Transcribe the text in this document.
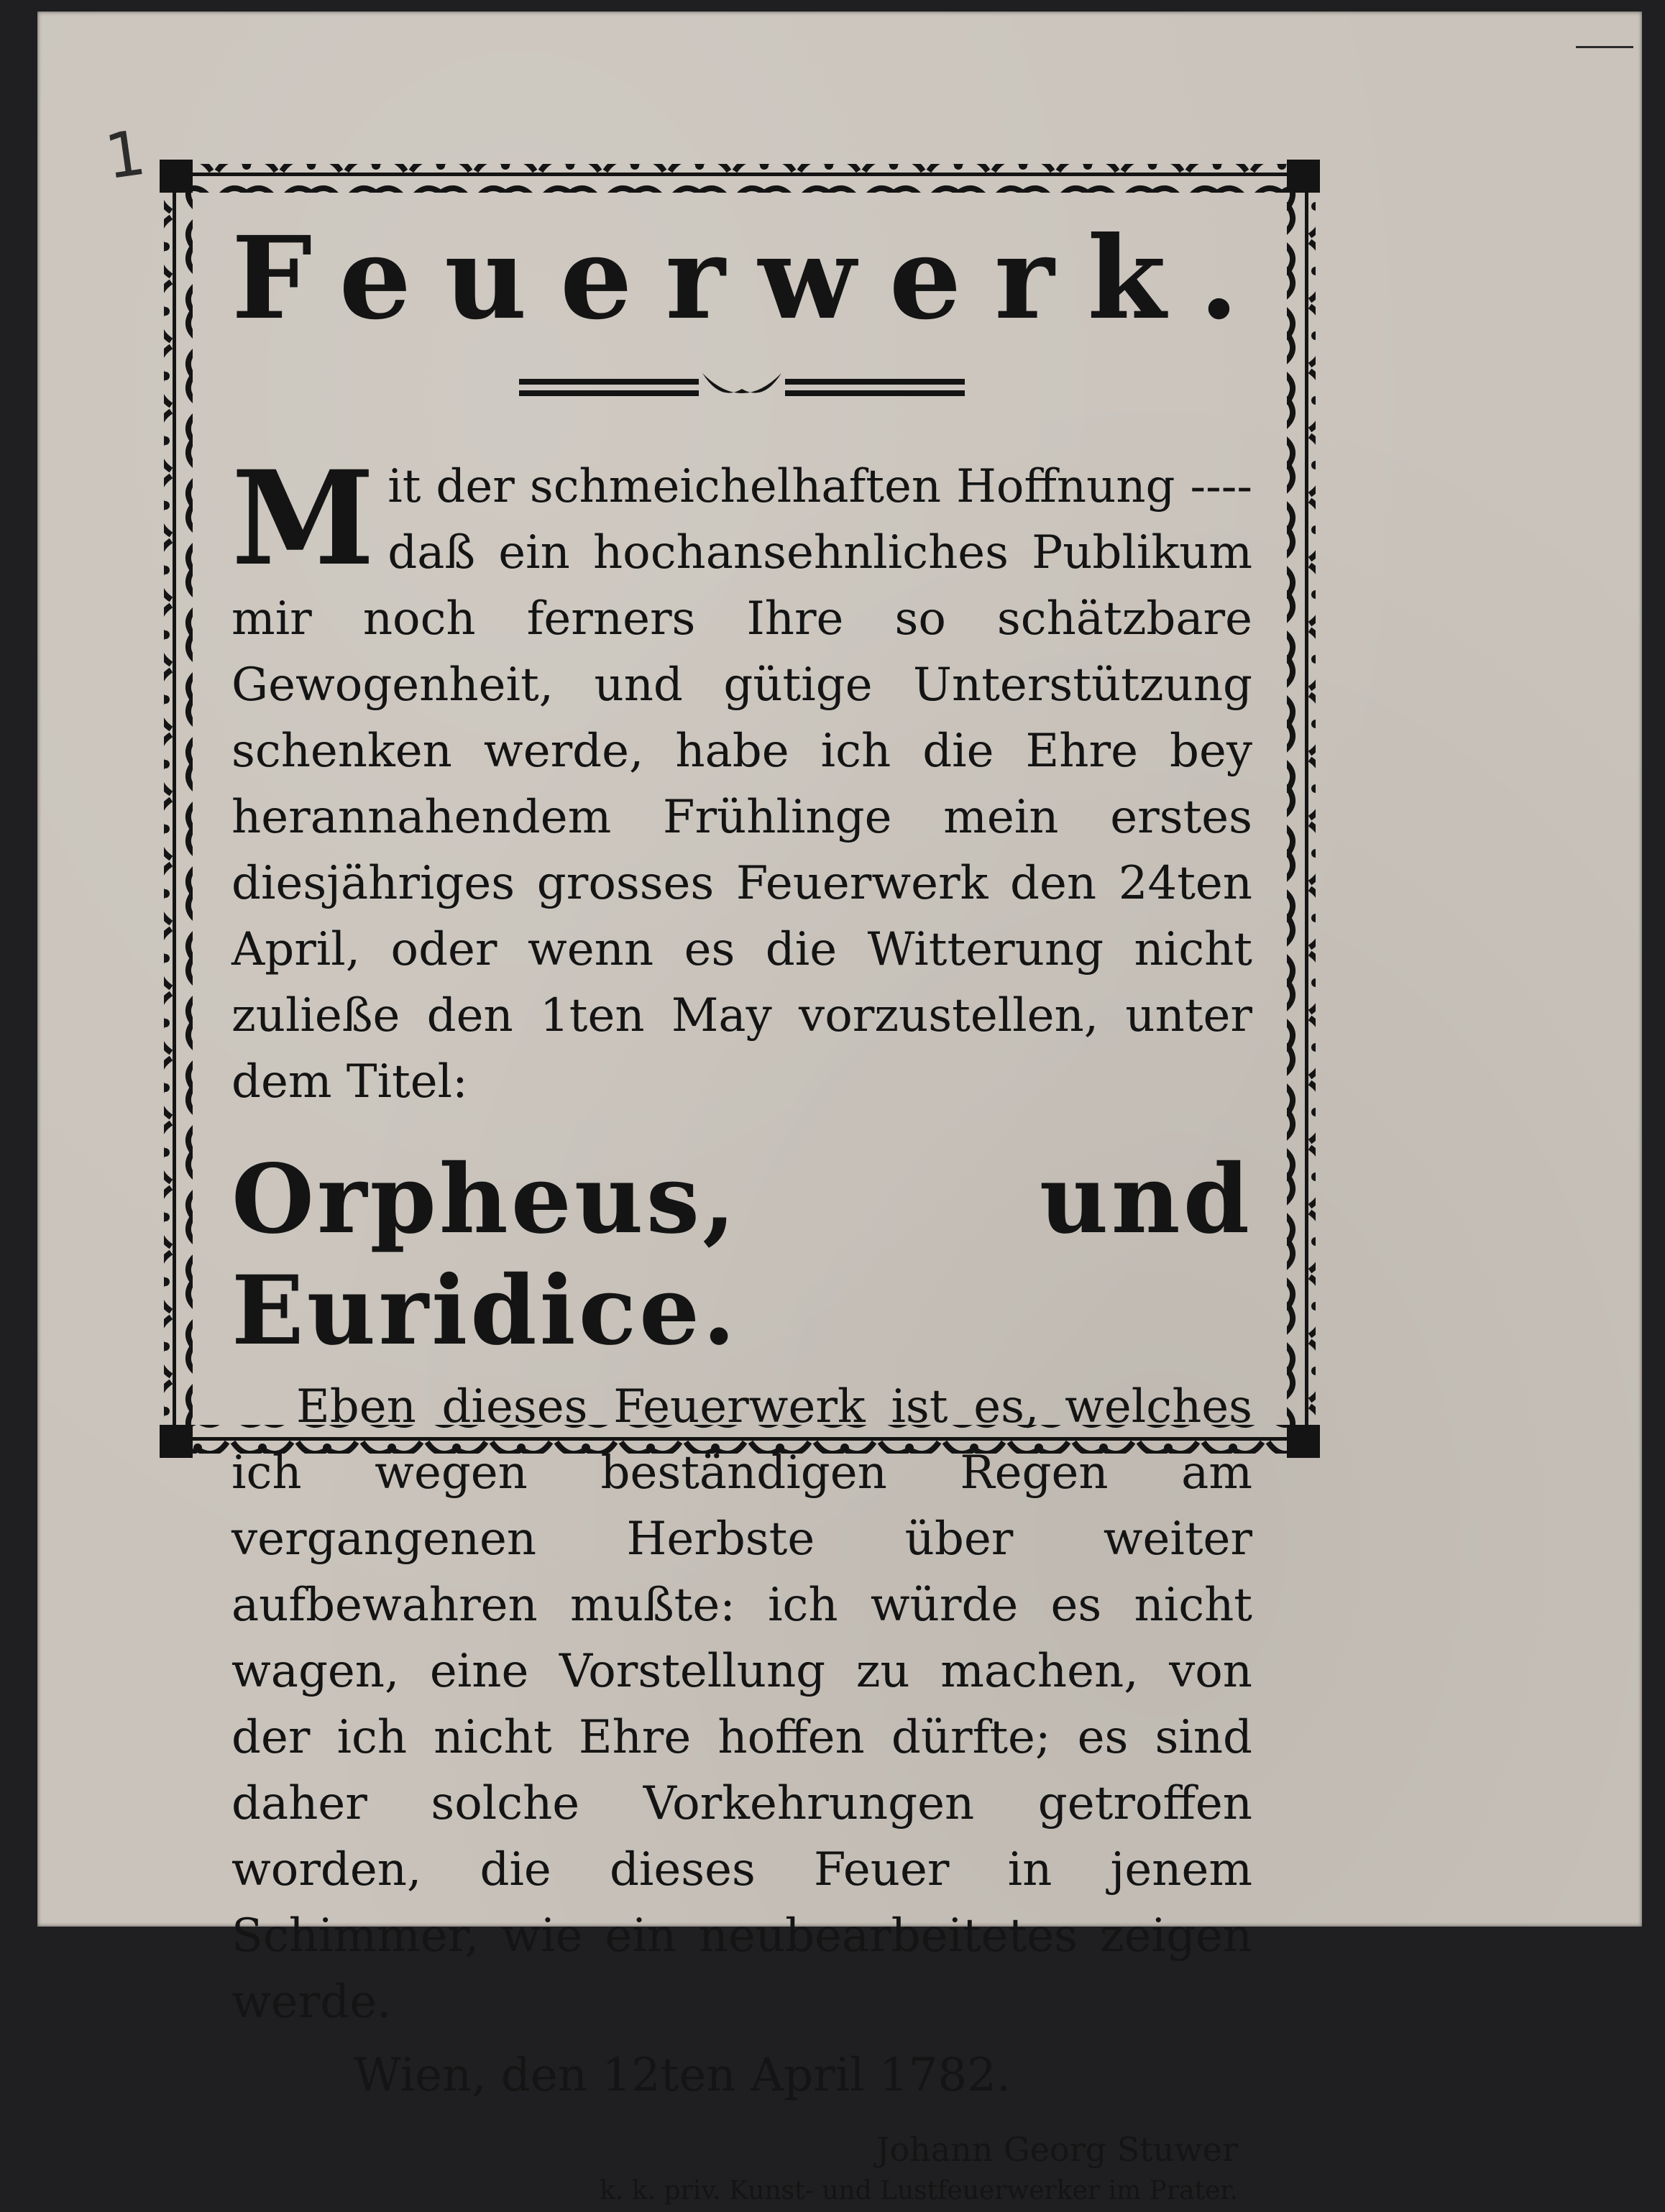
1
Feuerwerk.
Mit der schmeichelhaften Hoffnung ---- daß ein hochansehnliches Publikum mir noch ferners Ihre so schätzbare Gewogenheit, und gütige Unterstützung schenken werde, habe ich die Ehre bey herannahendem Frühlinge mein erstes diesjähriges grosses Feuerwerk den 24ten April, oder wenn es die Witterung nicht zuließe den 1ten May vorzustellen, unter dem Titel:
Orpheus, und Euridice.
Eben dieses Feuerwerk ist es, welches ich wegen beständigen Regen am vergangenen Herbste über weiter aufbewahren mußte: ich würde es nicht wagen, eine Vorstellung zu machen, von der ich nicht Ehre hoffen dürfte; es sind daher solche Vorkehrungen getroffen worden, die dieses Feuer in jenem Schimmer, wie ein neubearbeitetes zeigen werde.
Wien, den 12ten April 1782.
Johann Georg Stuwer
k. k. priv. Kunst- und Lustfeuerwerker im Prater.
